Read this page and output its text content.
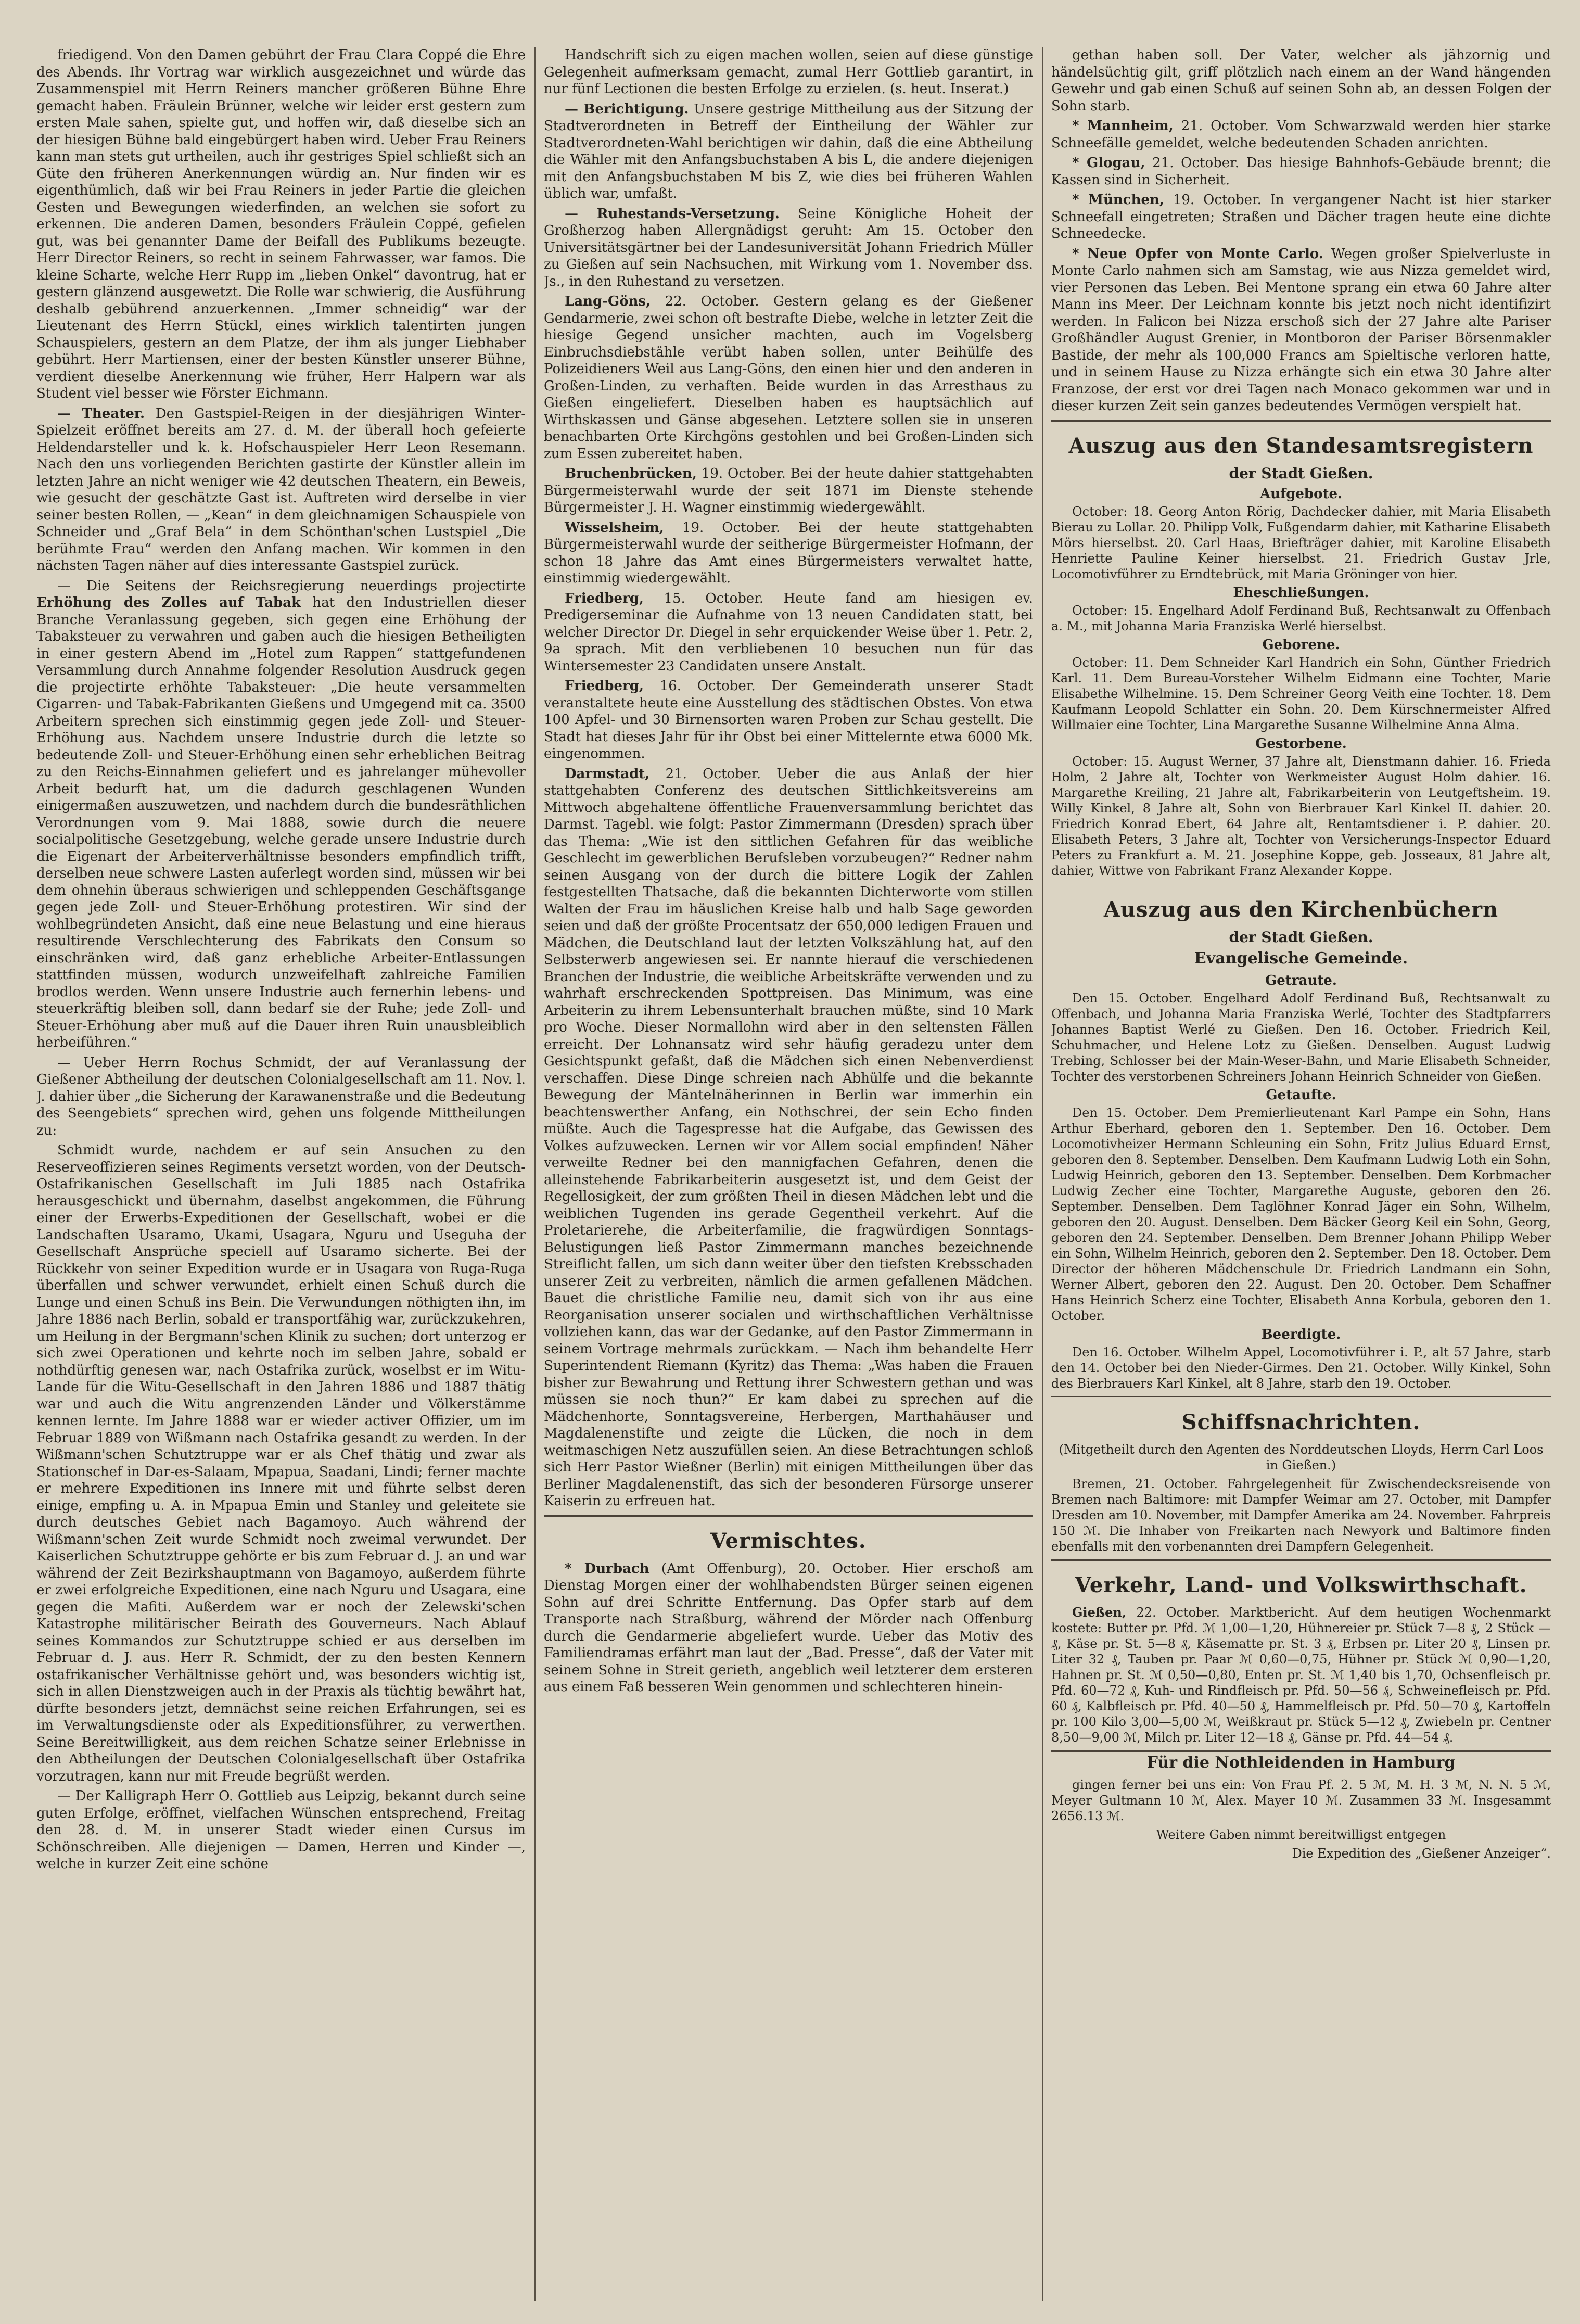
friedigend. Von den Damen gebührt der Frau Clara Coppé die Ehre des Abends. Ihr Vortrag war wirklich ausgezeichnet und würde das Zusammenspiel mit Herrn Reiners mancher größeren Bühne Ehre gemacht haben. Fräulein Brünner, welche wir leider erst gestern zum ersten Male sahen, spielte gut, und hoffen wir, daß dieselbe sich an der hiesigen Bühne bald eingebürgert haben wird. Ueber Frau Reiners kann man stets gut urtheilen, auch ihr gestriges Spiel schließt sich an Güte den früheren Anerkennungen würdig an. Nur finden wir es eigenthümlich, daß wir bei Frau Reiners in jeder Partie die gleichen Gesten und Bewegungen wiederfinden, an welchen sie sofort zu erkennen. Die anderen Damen, besonders Fräulein Coppé, gefielen gut, was bei genannter Dame der Beifall des Publikums bezeugte. Herr Director Reiners, so recht in seinem Fahrwasser, war famos. Die kleine Scharte, welche Herr Rupp im „lieben Onkel“ davontrug, hat er gestern glänzend ausgewetzt. Die Rolle war schwierig, die Ausführung deshalb gebührend anzuerkennen. „Immer schneidig“ war der Lieutenant des Herrn Stückl, eines wirklich talentirten jungen Schauspielers, gestern an dem Platze, der ihm als junger Liebhaber gebührt. Herr Martiensen, einer der besten Künstler unserer Bühne, verdient dieselbe Anerkennung wie früher, Herr Halpern war als Student viel besser wie Förster Eichmann.

— Theater. Den Gastspiel-Reigen in der diesjährigen Winter-Spielzeit eröffnet bereits am 27. d. M. der überall hoch gefeierte Heldendarsteller und k. k. Hofschauspieler Herr Leon Resemann. Nach den uns vorliegenden Berichten gastirte der Künstler allein im letzten Jahre an nicht weniger wie 42 deutschen Theatern, ein Beweis, wie gesucht der geschätzte Gast ist. Auftreten wird derselbe in vier seiner besten Rollen, — „Kean“ in dem gleichnamigen Schauspiele von Schneider und „Graf Bela“ in dem Schönthan'schen Lustspiel „Die berühmte Frau“ werden den Anfang machen. Wir kommen in den nächsten Tagen näher auf dies interessante Gastspiel zurück.

— Die Seitens der Reichsregierung neuerdings projectirte Erhöhung des Zolles auf Tabak hat den Industriellen dieser Branche Veranlassung gegeben, sich gegen eine Erhöhung der Tabaksteuer zu verwahren und gaben auch die hiesigen Betheiligten in einer gestern Abend im „Hotel zum Rappen“ stattgefundenen Versammlung durch Annahme folgender Resolution Ausdruck gegen die projectirte erhöhte Tabaksteuer: „Die heute versammelten Cigarren- und Tabak-Fabrikanten Gießens und Umgegend mit ca. 3500 Arbeitern sprechen sich einstimmig gegen jede Zoll- und Steuer-Erhöhung aus. Nachdem unsere Industrie durch die letzte so bedeutende Zoll- und Steuer-Erhöhung einen sehr erheblichen Beitrag zu den Reichs-Einnahmen geliefert und es jahrelanger mühevoller Arbeit bedurft hat, um die dadurch geschlagenen Wunden einigermaßen auszuwetzen, und nachdem durch die bundesräthlichen Verordnungen vom 9. Mai 1888, sowie durch die neuere socialpolitische Gesetzgebung, welche gerade unsere Industrie durch die Eigenart der Arbeiterverhältnisse besonders empfindlich trifft, derselben neue schwere Lasten auferlegt worden sind, müssen wir bei dem ohnehin überaus schwierigen und schleppenden Geschäftsgange gegen jede Zoll- und Steuer-Erhöhung protestiren. Wir sind der wohlbegründeten Ansicht, daß eine neue Belastung und eine hieraus resultirende Verschlechterung des Fabrikats den Consum so einschränken wird, daß ganz erhebliche Arbeiter-Entlassungen stattfinden müssen, wodurch unzweifelhaft zahlreiche Familien brodlos werden. Wenn unsere Industrie auch fernerhin lebens- und steuerkräftig bleiben soll, dann bedarf sie der Ruhe; jede Zoll- und Steuer-Erhöhung aber muß auf die Dauer ihren Ruin unausbleiblich herbeiführen.“

— Ueber Herrn Rochus Schmidt, der auf Veranlassung der Gießener Abtheilung der deutschen Colonialgesellschaft am 11. Nov. l. J. dahier über „die Sicherung der Karawanenstraße und die Bedeutung des Seengebiets“ sprechen wird, gehen uns folgende Mittheilungen zu:

Schmidt wurde, nachdem er auf sein Ansuchen zu den Reserveoffizieren seines Regiments versetzt worden, von der Deutsch-Ostafrikanischen Gesellschaft im Juli 1885 nach Ostafrika herausgeschickt und übernahm, daselbst angekommen, die Führung einer der Erwerbs-Expeditionen der Gesellschaft, wobei er die Landschaften Usaramo, Ukami, Usagara, Nguru und Useguha der Gesellschaft Ansprüche speciell auf Usaramo sicherte. Bei der Rückkehr von seiner Expedition wurde er in Usagara von Ruga-Ruga überfallen und schwer verwundet, erhielt einen Schuß durch die Lunge und einen Schuß ins Bein. Die Verwundungen nöthigten ihn, im Jahre 1886 nach Berlin, sobald er transportfähig war, zurückzukehren, um Heilung in der Bergmann'schen Klinik zu suchen; dort unterzog er sich zwei Operationen und kehrte noch im selben Jahre, sobald er nothdürftig genesen war, nach Ostafrika zurück, woselbst er im Witu-Lande für die Witu-Gesellschaft in den Jahren 1886 und 1887 thätig war und auch die Witu angrenzenden Länder und Völkerstämme kennen lernte. Im Jahre 1888 war er wieder activer Offizier, um im Februar 1889 von Wißmann nach Ostafrika gesandt zu werden. In der Wißmann'schen Schutztruppe war er als Chef thätig und zwar als Stationschef in Dar-es-Salaam, Mpapua, Saadani, Lindi; ferner machte er mehrere Expeditionen ins Innere mit und führte selbst deren einige, empfing u. A. in Mpapua Emin und Stanley und geleitete sie durch deutsches Gebiet nach Bagamoyo. Auch während der Wißmann'schen Zeit wurde Schmidt noch zweimal verwundet. Der Kaiserlichen Schutztruppe gehörte er bis zum Februar d. J. an und war während der Zeit Bezirkshauptmann von Bagamoyo, außerdem führte er zwei erfolgreiche Expeditionen, eine nach Nguru und Usagara, eine gegen die Mafiti. Außerdem war er noch der Zelewski'schen Katastrophe militärischer Beirath des Gouverneurs. Nach Ablauf seines Kommandos zur Schutztruppe schied er aus derselben im Februar d. J. aus. Herr R. Schmidt, der zu den besten Kennern ostafrikanischer Verhältnisse gehört und, was besonders wichtig ist, sich in allen Dienstzweigen auch in der Praxis als tüchtig bewährt hat, dürfte besonders jetzt, demnächst seine reichen Erfahrungen, sei es im Verwaltungsdienste oder als Expeditionsführer, zu verwerthen. Seine Bereitwilligkeit, aus dem reichen Schatze seiner Erlebnisse in den Abtheilungen der Deutschen Colonialgesellschaft über Ostafrika vorzutragen, kann nur mit Freude begrüßt werden.

— Der Kalligraph Herr O. Gottlieb aus Leipzig, bekannt durch seine guten Erfolge, eröffnet, vielfachen Wünschen entsprechend, Freitag den 28. d. M. in unserer Stadt wieder einen Cursus im Schönschreiben. Alle diejenigen — Damen, Herren und Kinder —, welche in kurzer Zeit eine schöne

Handschrift sich zu eigen machen wollen, seien auf diese günstige Gelegenheit aufmerksam gemacht, zumal Herr Gottlieb garantirt, in nur fünf Lectionen die besten Erfolge zu erzielen. (s. heut. Inserat.)

— Berichtigung. Unsere gestrige Mittheilung aus der Sitzung der Stadtverordneten in Betreff der Eintheilung der Wähler zur Stadtverordneten-Wahl berichtigen wir dahin, daß die eine Abtheilung die Wähler mit den Anfangsbuchstaben A bis L, die andere diejenigen mit den Anfangsbuchstaben M bis Z, wie dies bei früheren Wahlen üblich war, umfaßt.

— Ruhestands-Versetzung. Seine Königliche Hoheit der Großherzog haben Allergnädigst geruht: Am 15. October den Universitätsgärtner bei der Landesuniversität Johann Friedrich Müller zu Gießen auf sein Nachsuchen, mit Wirkung vom 1. November dss. Js., in den Ruhestand zu versetzen.

Lang-Göns, 22. October. Gestern gelang es der Gießener Gendarmerie, zwei schon oft bestrafte Diebe, welche in letzter Zeit die hiesige Gegend unsicher machten, auch im Vogelsberg Einbruchsdiebstähle verübt haben sollen, unter Beihülfe des Polizeidieners Weil aus Lang-Göns, den einen hier und den anderen in Großen-Linden, zu verhaften. Beide wurden in das Arresthaus zu Gießen eingeliefert. Dieselben haben es hauptsächlich auf Wirthskassen und Gänse abgesehen. Letztere sollen sie in unseren benachbarten Orte Kirchgöns gestohlen und bei Großen-Linden sich zum Essen zubereitet haben.

Bruchenbrücken, 19. October. Bei der heute dahier stattgehabten Bürgermeisterwahl wurde der seit 1871 im Dienste stehende Bürgermeister J. H. Wagner einstimmig wiedergewählt.

Wisselsheim, 19. October. Bei der heute stattgehabten Bürgermeisterwahl wurde der seitherige Bürgermeister Hofmann, der schon 18 Jahre das Amt eines Bürgermeisters verwaltet hatte, einstimmig wiedergewählt.

Friedberg, 15. October. Heute fand am hiesigen ev. Predigerseminar die Aufnahme von 13 neuen Candidaten statt, bei welcher Director Dr. Diegel in sehr erquickender Weise über 1. Petr. 2, 9a sprach. Mit den verbliebenen 10 besuchen nun für das Wintersemester 23 Candidaten unsere Anstalt.

Friedberg, 16. October. Der Gemeinderath unserer Stadt veranstaltete heute eine Ausstellung des städtischen Obstes. Von etwa 100 Apfel- und 30 Birnensorten waren Proben zur Schau gestellt. Die Stadt hat dieses Jahr für ihr Obst bei einer Mittelernte etwa 6000 Mk. eingenommen.

Darmstadt, 21. October. Ueber die aus Anlaß der hier stattgehabten Conferenz des deutschen Sittlichkeitsvereins am Mittwoch abgehaltene öffentliche Frauenversammlung berichtet das Darmst. Tagebl. wie folgt: Pastor Zimmermann (Dresden) sprach über das Thema: „Wie ist den sittlichen Gefahren für das weibliche Geschlecht im gewerblichen Berufsleben vorzubeugen?“ Redner nahm seinen Ausgang von der durch die bittere Logik der Zahlen festgestellten Thatsache, daß die bekannten Dichterworte vom stillen Walten der Frau im häuslichen Kreise halb und halb Sage geworden seien und daß der größte Procentsatz der 650,000 ledigen Frauen und Mädchen, die Deutschland laut der letzten Volkszählung hat, auf den Selbsterwerb angewiesen sei. Er nannte hierauf die verschiedenen Branchen der Industrie, die weibliche Arbeitskräfte verwenden und zu wahrhaft erschreckenden Spottpreisen. Das Minimum, was eine Arbeiterin zu ihrem Lebensunterhalt brauchen müßte, sind 10 Mark pro Woche. Dieser Normallohn wird aber in den seltensten Fällen erreicht. Der Lohnansatz wird sehr häufig geradezu unter dem Gesichtspunkt gefaßt, daß die Mädchen sich einen Nebenverdienst verschaffen. Diese Dinge schreien nach Abhülfe und die bekannte Bewegung der Mäntelnäherinnen in Berlin war immerhin ein beachtenswerther Anfang, ein Nothschrei, der sein Echo finden müßte. Auch die Tagespresse hat die Aufgabe, das Gewissen des Volkes aufzuwecken. Lernen wir vor Allem social empfinden! Näher verweilte Redner bei den mannigfachen Gefahren, denen die alleinstehende Fabrikarbeiterin ausgesetzt ist, und dem Geist der Regellosigkeit, der zum größten Theil in diesen Mädchen lebt und die weiblichen Tugenden ins gerade Gegentheil verkehrt. Auf die Proletarierehe, die Arbeiterfamilie, die fragwürdigen Sonntags-Belustigungen ließ Pastor Zimmermann manches bezeichnende Streiflicht fallen, um sich dann weiter über den tiefsten Krebsschaden unserer Zeit zu verbreiten, nämlich die armen gefallenen Mädchen. Bauet die christliche Familie neu, damit sich von ihr aus eine Reorganisation unserer socialen und wirthschaftlichen Verhältnisse vollziehen kann, das war der Gedanke, auf den Pastor Zimmermann in seinem Vortrage mehrmals zurückkam. — Nach ihm behandelte Herr Superintendent Riemann (Kyritz) das Thema: „Was haben die Frauen bisher zur Bewahrung und Rettung ihrer Schwestern gethan und was müssen sie noch thun?“ Er kam dabei zu sprechen auf die Mädchenhorte, Sonntagsvereine, Herbergen, Marthahäuser und Magdalenenstifte und zeigte die Lücken, die noch in dem weitmaschigen Netz auszufüllen seien. An diese Betrachtungen schloß sich Herr Pastor Wießner (Berlin) mit einigen Mittheilungen über das Berliner Magdalenenstift, das sich der besonderen Fürsorge unserer Kaiserin zu erfreuen hat.

Vermischtes.

* Durbach (Amt Offenburg), 20. October. Hier erschoß am Dienstag Morgen einer der wohlhabendsten Bürger seinen eigenen Sohn auf drei Schritte Entfernung. Das Opfer starb auf dem Transporte nach Straßburg, während der Mörder nach Offenburg durch die Gendarmerie abgeliefert wurde. Ueber das Motiv des Familiendramas erfährt man laut der „Bad. Presse“, daß der Vater mit seinem Sohne in Streit gerieth, angeblich weil letzterer dem ersteren aus einem Faß besseren Wein genommen und schlechteren hinein-

gethan haben soll. Der Vater, welcher als jähzornig und händelsüchtig gilt, griff plötzlich nach einem an der Wand hängenden Gewehr und gab einen Schuß auf seinen Sohn ab, an dessen Folgen der Sohn starb.

* Mannheim, 21. October. Vom Schwarzwald werden hier starke Schneefälle gemeldet, welche bedeutenden Schaden anrichten.

* Glogau, 21. October. Das hiesige Bahnhofs-Gebäude brennt; die Kassen sind in Sicherheit.

* München, 19. October. In vergangener Nacht ist hier starker Schneefall eingetreten; Straßen und Dächer tragen heute eine dichte Schneedecke.

* Neue Opfer von Monte Carlo. Wegen großer Spielverluste in Monte Carlo nahmen sich am Samstag, wie aus Nizza gemeldet wird, vier Personen das Leben. Bei Mentone sprang ein etwa 60 Jahre alter Mann ins Meer. Der Leichnam konnte bis jetzt noch nicht identifizirt werden. In Falicon bei Nizza erschoß sich der 27 Jahre alte Pariser Großhändler August Grenier, in Montboron der Pariser Börsenmakler Bastide, der mehr als 100,000 Francs am Spieltische verloren hatte, und in seinem Hause zu Nizza erhängte sich ein etwa 30 Jahre alter Franzose, der erst vor drei Tagen nach Monaco gekommen war und in dieser kurzen Zeit sein ganzes bedeutendes Vermögen verspielt hat.

Auszug aus den Standesamtsregistern
der Stadt Gießen.
Aufgebote.

October: 18. Georg Anton Rörig, Dachdecker dahier, mit Maria Elisabeth Bierau zu Lollar. 20. Philipp Volk, Fußgendarm dahier, mit Katharine Elisabeth Mörs hierselbst. 20. Carl Haas, Briefträger dahier, mit Karoline Elisabeth Henriette Pauline Keiner hierselbst. 21. Friedrich Gustav Jrle, Locomotivführer zu Erndtebrück, mit Maria Gröninger von hier.

Eheschließungen.

October: 15. Engelhard Adolf Ferdinand Buß, Rechtsanwalt zu Offenbach a. M., mit Johanna Maria Franziska Werlé hierselbst.

Geborene.

October: 11. Dem Schneider Karl Handrich ein Sohn, Günther Friedrich Karl. 11. Dem Bureau-Vorsteher Wilhelm Eidmann eine Tochter, Marie Elisabethe Wilhelmine. 15. Dem Schreiner Georg Veith eine Tochter. 18. Dem Kaufmann Leopold Schlatter ein Sohn. 20. Dem Kürschnermeister Alfred Willmaier eine Tochter, Lina Margarethe Susanne Wilhelmine Anna Alma.

Gestorbene.

October: 15. August Werner, 37 Jahre alt, Dienstmann dahier. 16. Frieda Holm, 2 Jahre alt, Tochter von Werkmeister August Holm dahier. 16. Margarethe Kreiling, 21 Jahre alt, Fabrikarbeiterin von Leutgeftsheim. 19. Willy Kinkel, 8 Jahre alt, Sohn von Bierbrauer Karl Kinkel II. dahier. 20. Friedrich Konrad Ebert, 64 Jahre alt, Rentamtsdiener i. P. dahier. 20. Elisabeth Peters, 3 Jahre alt, Tochter von Versicherungs-Inspector Eduard Peters zu Frankfurt a. M. 21. Josephine Koppe, geb. Josseaux, 81 Jahre alt, dahier, Wittwe von Fabrikant Franz Alexander Koppe.

Auszug aus den Kirchenbüchern
der Stadt Gießen.
Evangelische Gemeinde.
Getraute.

Den 15. October. Engelhard Adolf Ferdinand Buß, Rechtsanwalt zu Offenbach, und Johanna Maria Franziska Werlé, Tochter des Stadtpfarrers Johannes Baptist Werlé zu Gießen. Den 16. October. Friedrich Keil, Schuhmacher, und Helene Lotz zu Gießen. Denselben. August Ludwig Trebing, Schlosser bei der Main-Weser-Bahn, und Marie Elisabeth Schneider, Tochter des verstorbenen Schreiners Johann Heinrich Schneider von Gießen.

Getaufte.

Den 15. October. Dem Premierlieutenant Karl Pampe ein Sohn, Hans Arthur Eberhard, geboren den 1. September. Den 16. October. Dem Locomotivheizer Hermann Schleuning ein Sohn, Fritz Julius Eduard Ernst, geboren den 8. September. Denselben. Dem Kaufmann Ludwig Loth ein Sohn, Ludwig Heinrich, geboren den 13. September. Denselben. Dem Korbmacher Ludwig Zecher eine Tochter, Margarethe Auguste, geboren den 26. September. Denselben. Dem Taglöhner Konrad Jäger ein Sohn, Wilhelm, geboren den 20. August. Denselben. Dem Bäcker Georg Keil ein Sohn, Georg, geboren den 24. September. Denselben. Dem Brenner Johann Philipp Weber ein Sohn, Wilhelm Heinrich, geboren den 2. September. Den 18. October. Dem Director der höheren Mädchenschule Dr. Friedrich Landmann ein Sohn, Werner Albert, geboren den 22. August. Den 20. October. Dem Schaffner Hans Heinrich Scherz eine Tochter, Elisabeth Anna Korbula, geboren den 1. October.

Beerdigte.

Den 16. October. Wilhelm Appel, Locomotivführer i. P., alt 57 Jahre, starb den 14. October bei den Nieder-Girmes. Den 21. October. Willy Kinkel, Sohn des Bierbrauers Karl Kinkel, alt 8 Jahre, starb den 19. October.

Schiffsnachrichten.

(Mitgetheilt durch den Agenten des Norddeutschen Lloyds, Herrn Carl Loos in Gießen.)

Bremen, 21. October. Fahrgelegenheit für Zwischendecksreisende von Bremen nach Baltimore: mit Dampfer Weimar am 27. October, mit Dampfer Dresden am 10. November, mit Dampfer Amerika am 24. November. Fahrpreis 150 ℳ. Die Inhaber von Freikarten nach Newyork und Baltimore finden ebenfalls mit den vorbenannten drei Dampfern Gelegenheit.

Verkehr, Land- und Volkswirthschaft.

Gießen, 22. October. Marktbericht. Auf dem heutigen Wochenmarkt kostete: Butter pr. Pfd. ℳ 1,00—1,20, Hühnereier pr. Stück 7—8 ₰, 2 Stück — ₰, Käse pr. St. 5—8 ₰, Käsematte pr. St. 3 ₰, Erbsen pr. Liter 20 ₰, Linsen pr. Liter 32 ₰, Tauben pr. Paar ℳ 0,60—0,75, Hühner pr. Stück ℳ 0,90—1,20, Hahnen pr. St. ℳ 0,50—0,80, Enten pr. St. ℳ 1,40 bis 1,70, Ochsenfleisch pr. Pfd. 60—72 ₰, Kuh- und Rindfleisch pr. Pfd. 50—56 ₰, Schweinefleisch pr. Pfd. 60 ₰, Kalbfleisch pr. Pfd. 40—50 ₰, Hammelfleisch pr. Pfd. 50—70 ₰, Kartoffeln pr. 100 Kilo 3,00—5,00 ℳ, Weißkraut pr. Stück 5—12 ₰, Zwiebeln pr. Centner 8,50—9,00 ℳ, Milch pr. Liter 12—18 ₰, Gänse pr. Pfd. 44—54 ₰.

Für die Nothleidenden in Hamburg

gingen ferner bei uns ein: Von Frau Pf. 2. 5 ℳ, M. H. 3 ℳ, N. N. 5 ℳ, Meyer Gultmann 10 ℳ, Alex. Mayer 10 ℳ. Zusammen 33 ℳ. Insgesammt 2656.13 ℳ.

Weitere Gaben nimmt bereitwilligst entgegen

Die Expedition des „Gießener Anzeiger“.
